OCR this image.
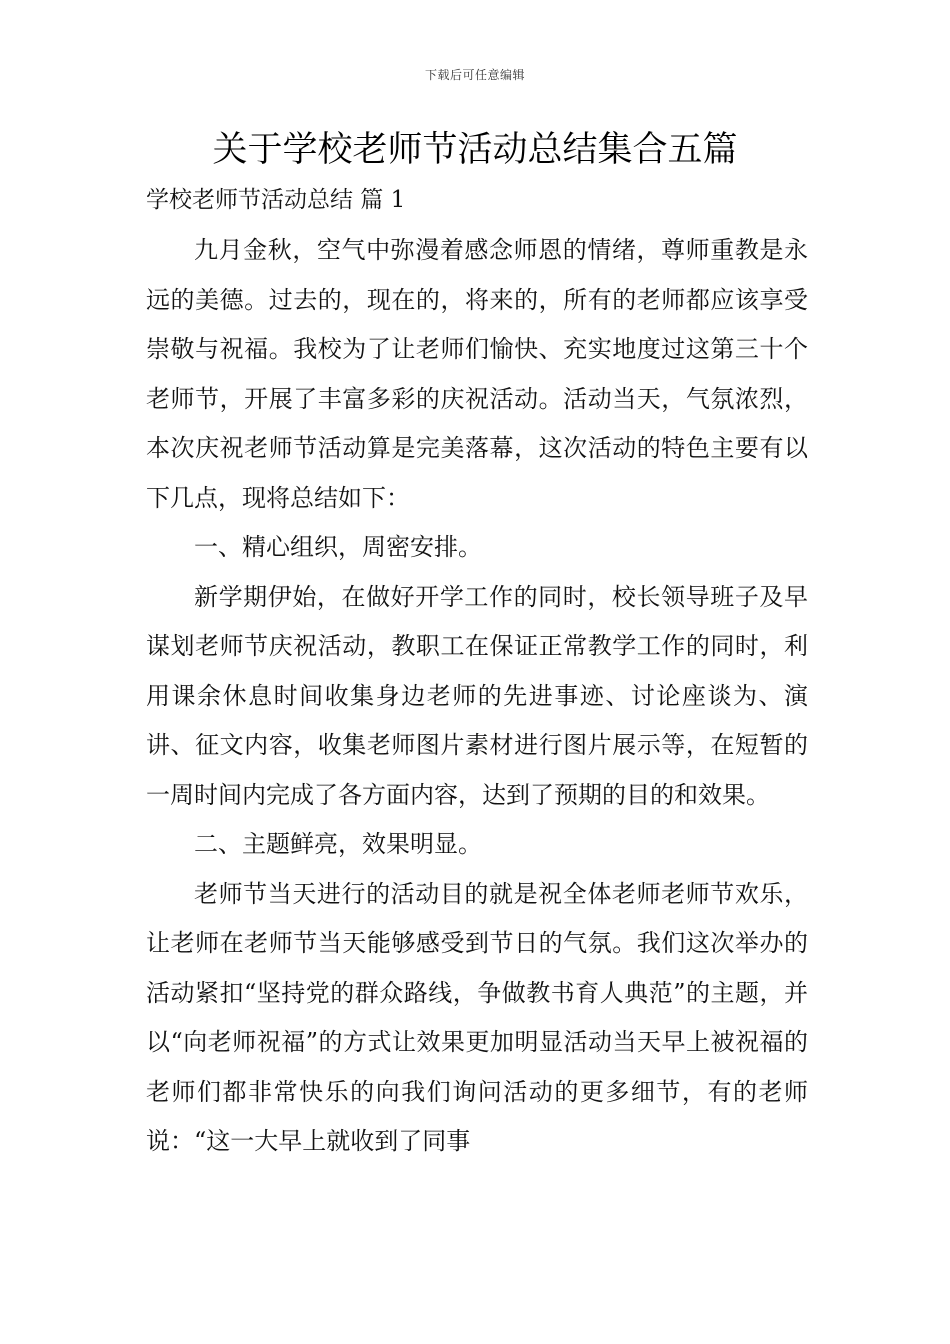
下载后可任意编辑
关于学校老师节活动总结集合五篇
学校老师节活动总结 篇 1

九月金秋，空气中弥漫着感念师恩的情绪，尊师重教是永远的美德。过去的，现在的，将来的，所有的老师都应该享受崇敬与祝福。我校为了让老师们愉快、充实地度过这第三十个老师节，开展了丰富多彩的庆祝活动。活动当天，气氛浓烈，本次庆祝老师节活动算是完美落幕，这次活动的特色主要有以下几点，现将总结如下：

一、精心组织，周密安排。

新学期伊始，在做好开学工作的同时，校长领导班子及早谋划老师节庆祝活动，教职工在保证正常教学工作的同时，利用课余休息时间收集身边老师的先进事迹、讨论座谈为、演讲、征文内容，收集老师图片素材进行图片展示等，在短暂的一周时间内完成了各方面内容，达到了预期的目的和效果。

二、主题鲜亮，效果明显。

老师节当天进行的活动目的就是祝全体老师老师节欢乐，让老师在老师节当天能够感受到节日的气氛。我们这次举办的活动紧扣“坚持党的群众路线，争做教书育人典范”的主题，并以“向老师祝福”的方式让效果更加明显活动当天早上被祝福的老师们都非常快乐的向我们询问活动的更多细节，有的老师说：“这一大早上就收到了同事
